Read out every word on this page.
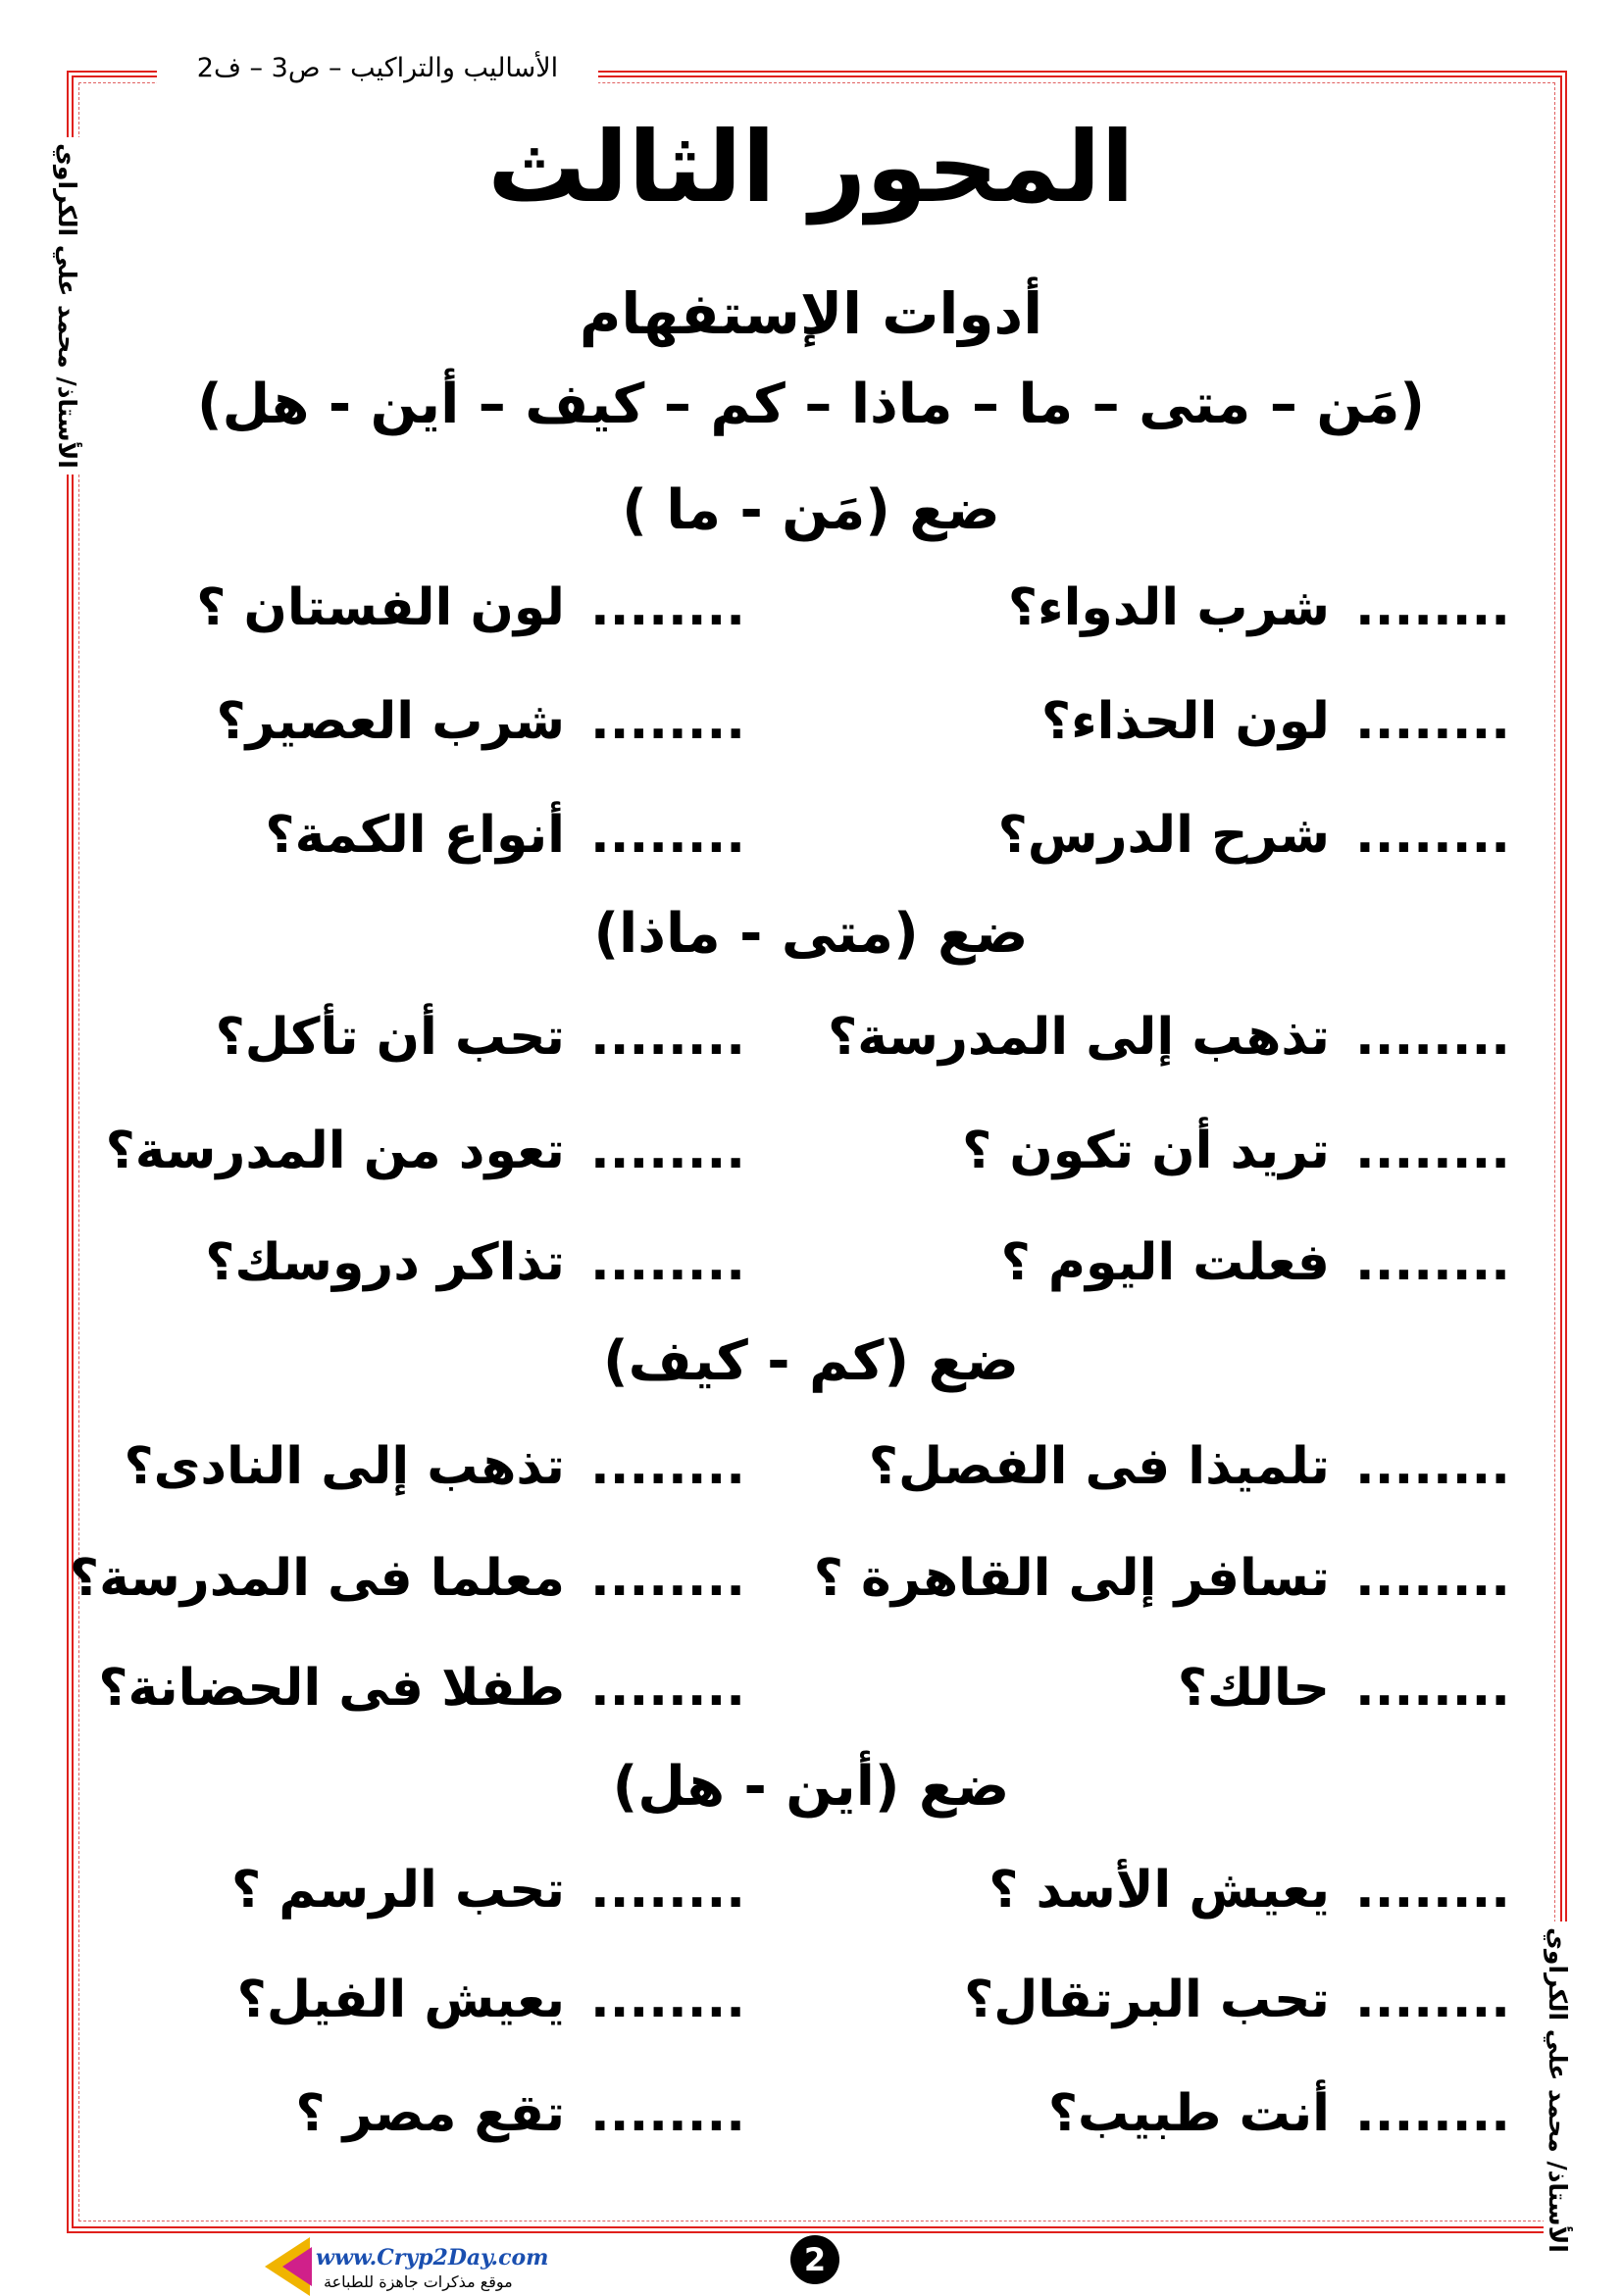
الأساليب والتراكيب – ص3 – ف2
الأستاذ/ محمد علي الكراوي
الأستاذ/ محمد علي الكراوي
المحور الثالث
أدوات الإستفهام
(مَن – متى – ما – ماذا – كم – كيف – أين - هل)
ضع (مَن - ما )
........شرب الدواء؟
........لون الفستان ؟
........لون الحذاء؟
........شرب العصير؟
........شرح الدرس؟
........أنواع الكمة؟
ضع (متى - ماذا)
........تذهب إلى المدرسة؟
........تحب أن تأكل؟
........تريد أن تكون ؟
........تعود من المدرسة؟
........فعلت اليوم ؟
........تذاكر دروسك؟
ضع (كم - كيف)
........تلميذا فى الفصل؟
........تذهب إلى النادى؟
........تسافر إلى القاهرة ؟
........معلما فى المدرسة؟
........حالك؟
........طفلا فى الحضانة؟
ضع (أين - هل)
........يعيش الأسد ؟
........تحب الرسم ؟
........تحب البرتقال؟
........يعيش الفيل؟
........أنت طبيب؟
........تقع مصر ؟
www.Cryp2Day.com
موقع مذكرات جاهزة للطباعة
2
